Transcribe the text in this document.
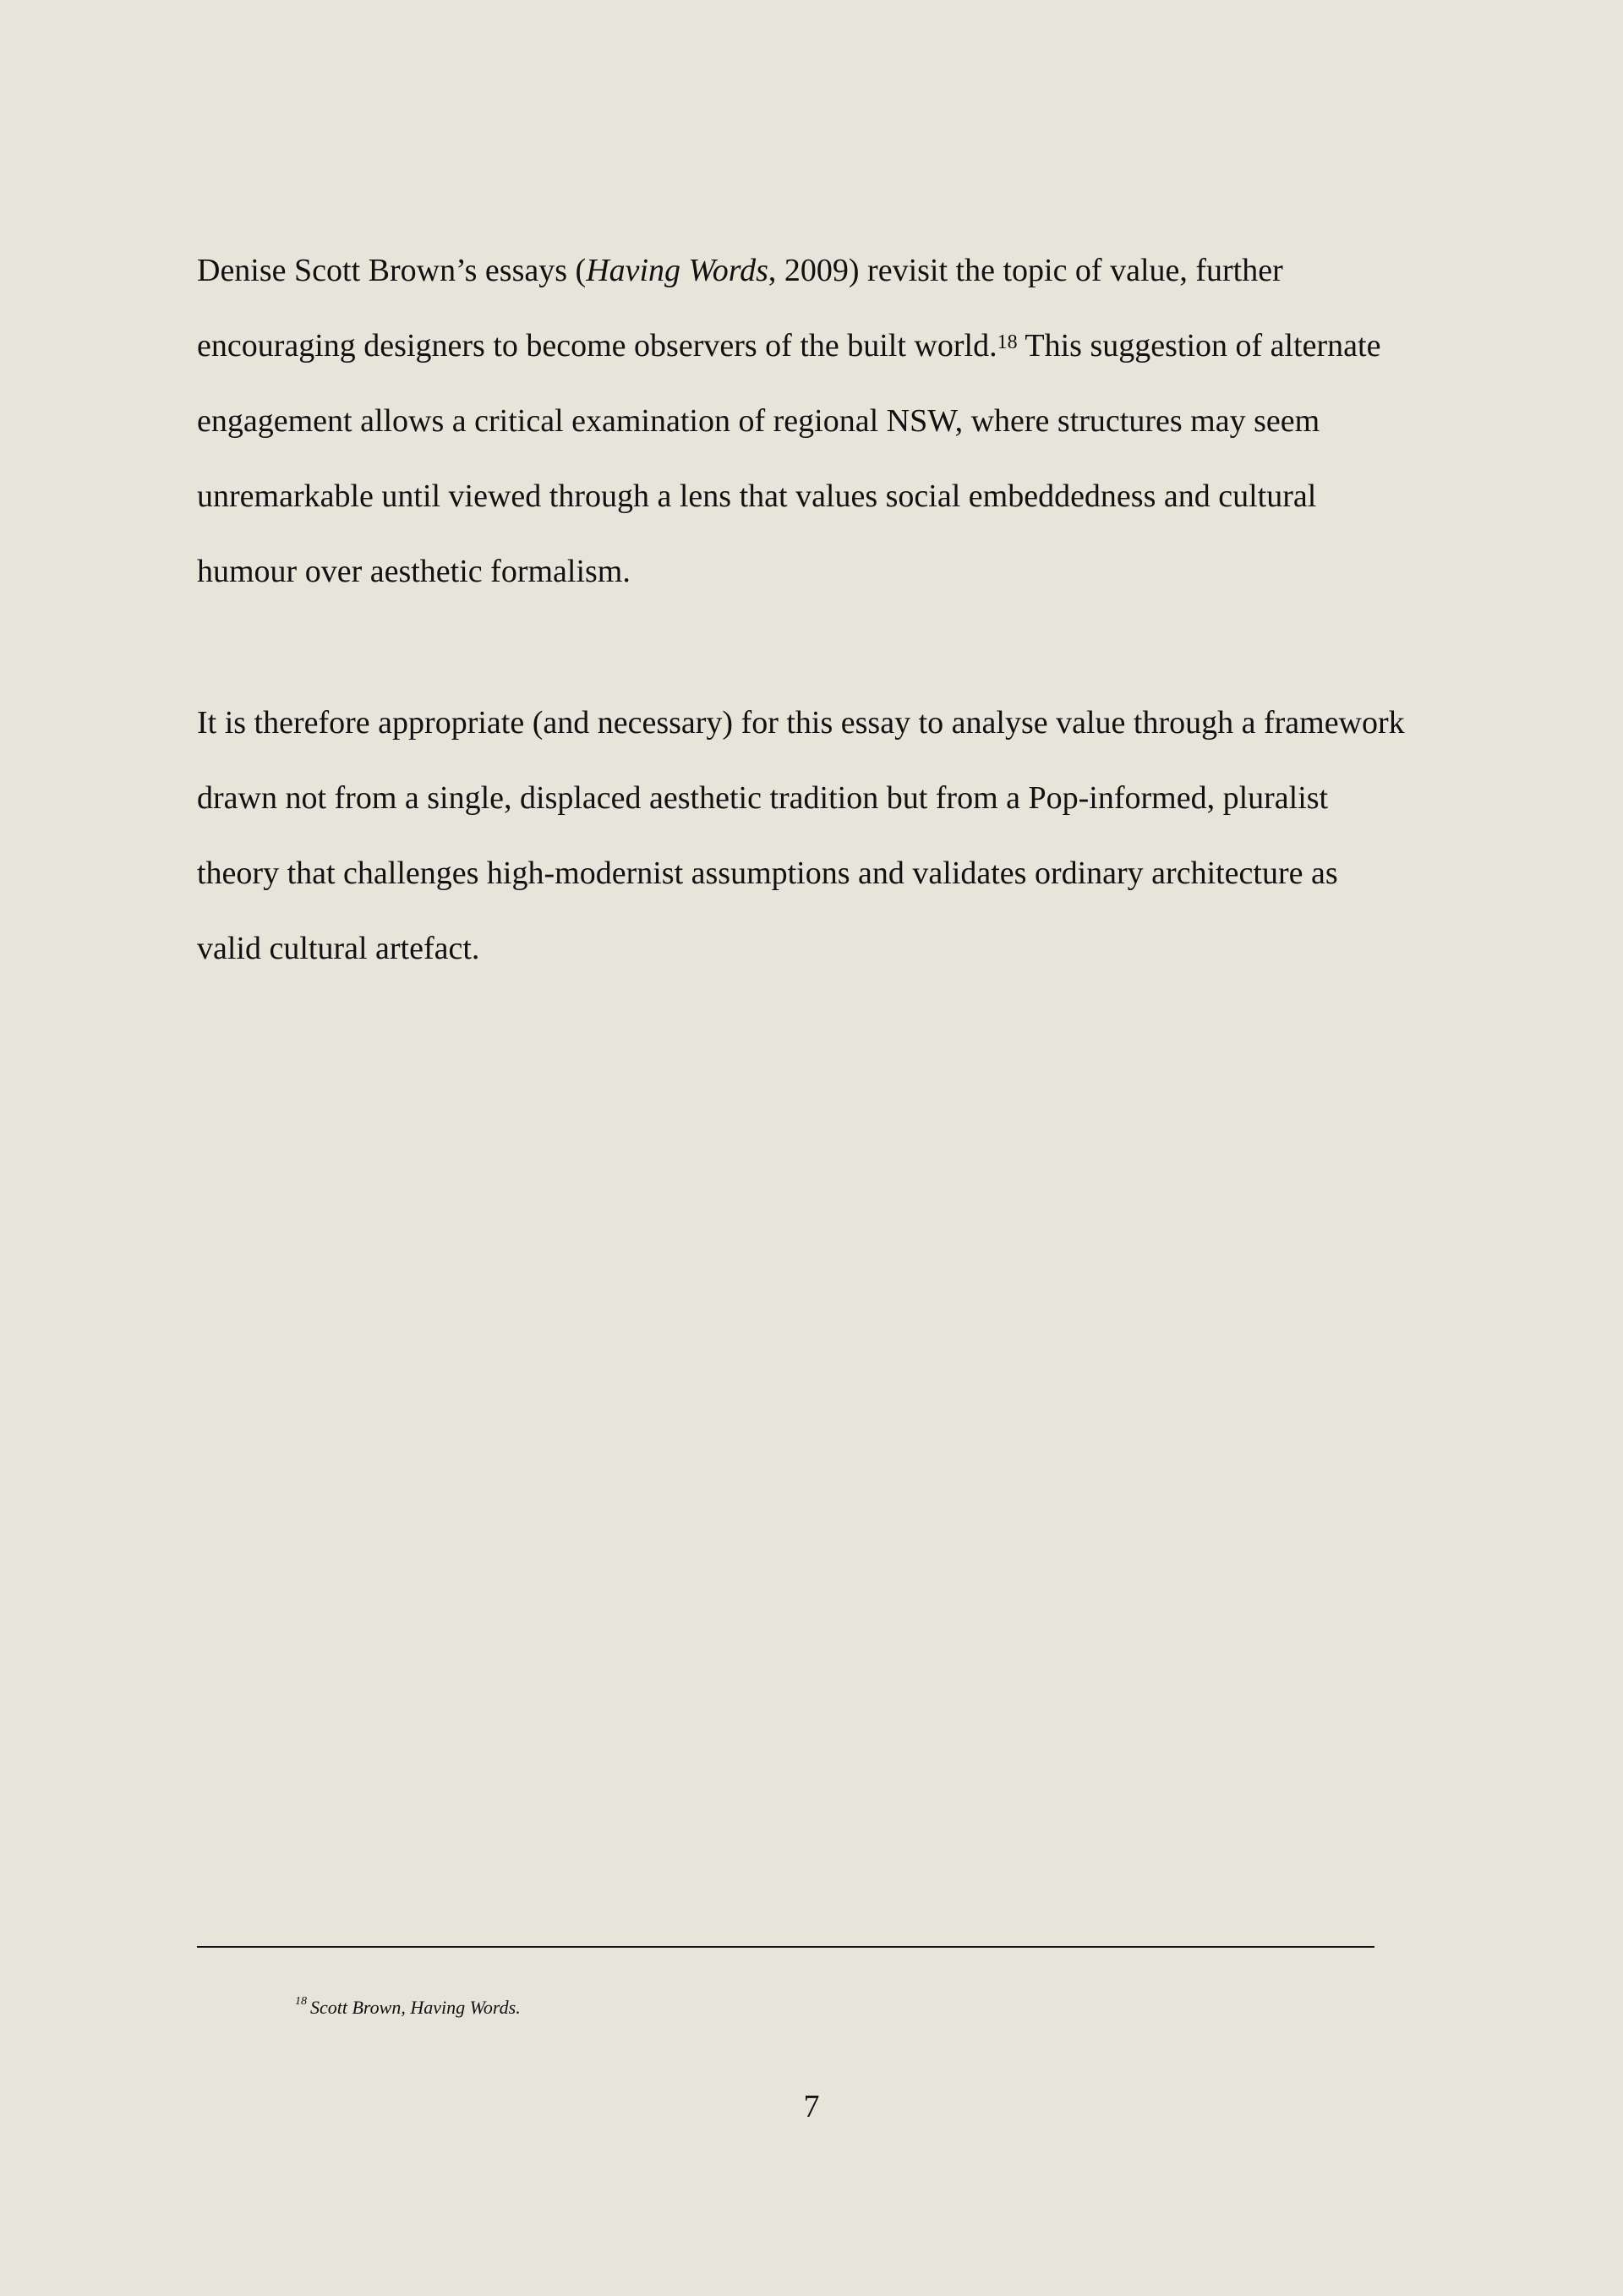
Denise Scott Brown’s essays (Having Words, 2009) revisit the topic of value, further
encouraging designers to become observers of the built world.$^{18}$ This suggestion of alternate
engagement allows a critical examination of regional NSW, where structures may seem
unremarkable until viewed through a lens that values social embeddedness and cultural
humour over aesthetic formalism.
It is therefore appropriate (and necessary) for this essay to analyse value through a framework
drawn not from a single, displaced aesthetic tradition but from a Pop-informed, pluralist
theory that challenges high-modernist assumptions and validates ordinary architecture as
valid cultural artefact.
$^{18}$ Scott Brown, Having Words.
7
